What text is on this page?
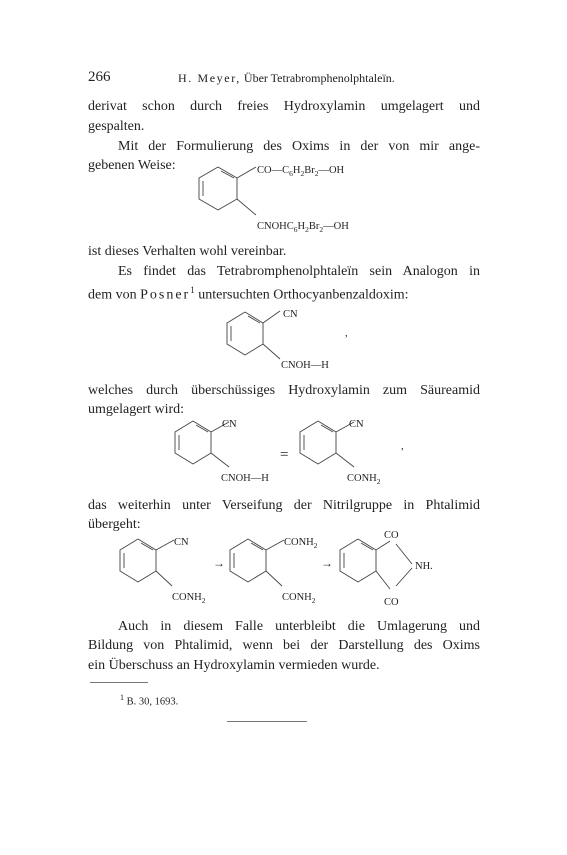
266	H. Meyer, Über Tetrabromphenolphtaleïn.

derivat schon durch freies Hydroxylamin umgelagert und

gespalten.

Mit der Formulierung des Oxims in der von mir ange-

gebenen Weise:	$CO—C_6H_2Br_2—OH$
$CNOHC_6H_2Br_2—OH$

ist dieses Verhalten wohl vereinbar.

Es findet das Tetrabromphenolphtaleïn sein Analogon in

dem von Posner$^1$ untersuchten Orthocyanbenzaldoxim:

CN
CNOH—H
,

welches durch überschüssiges Hydroxylamin zum Säureamid

umgelagert wird:

CN
CNOH—H
=
CN
$CONH_2$
,

das weiterhin unter Verseifung der Nitrilgruppe in Phtalimid

übergeht:

CN
$CONH_2$
→
$CONH_2$
$CONH_2$
→
CO
NH.
CO

Auch in diesem Falle unterbleibt die Umlagerung und

Bildung von Phtalimid, wenn bei der Darstellung des Oxims

ein Überschuss an Hydroxylamin vermieden wurde.

$^1$ B. 30, 1693.
